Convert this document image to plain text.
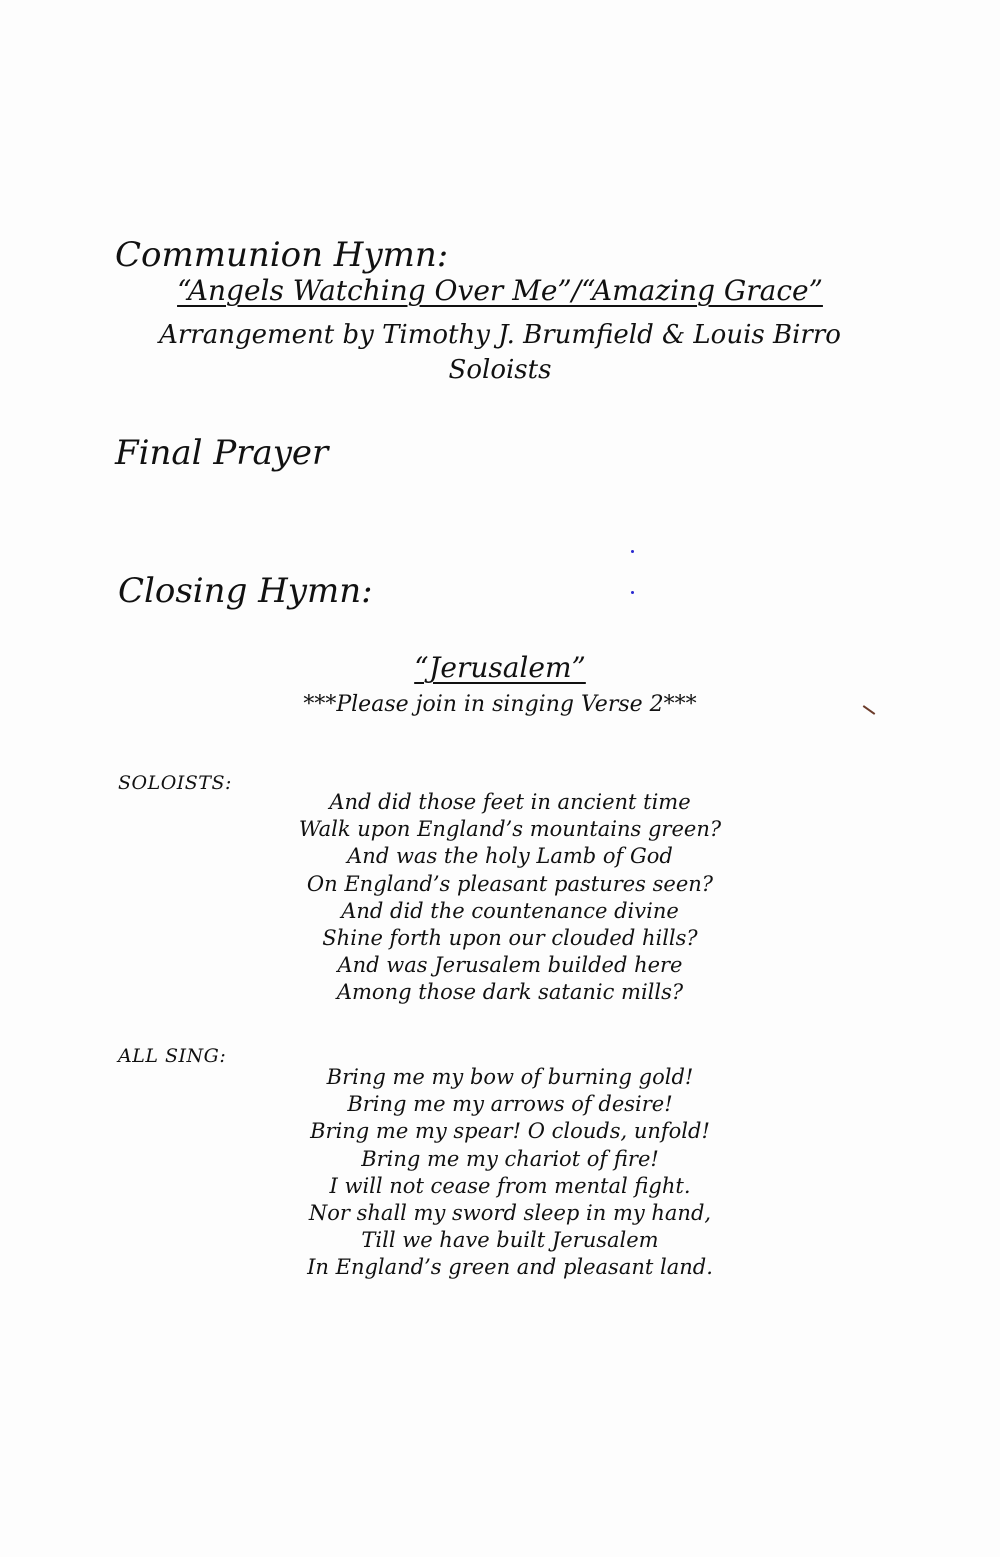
Communion Hymn:
“Angels Watching Over Me”/“Amazing Grace”
Arrangement by Timothy J. Brumfield & Louis Birro
Soloists
Final Prayer
Closing Hymn:
“Jerusalem”
***Please join in singing Verse 2***
SOLOISTS:
And did those feet in ancient time
Walk upon England’s mountains green?
And was the holy Lamb of God
On England’s pleasant pastures seen?
And did the countenance divine
Shine forth upon our clouded hills?
And was Jerusalem builded here
Among those dark satanic mills?
ALL SING:
Bring me my bow of burning gold!
Bring me my arrows of desire!
Bring me my spear! O clouds, unfold!
Bring me my chariot of fire!
I will not cease from mental fight.
Nor shall my sword sleep in my hand,
Till we have built Jerusalem
In England’s green and pleasant land.
